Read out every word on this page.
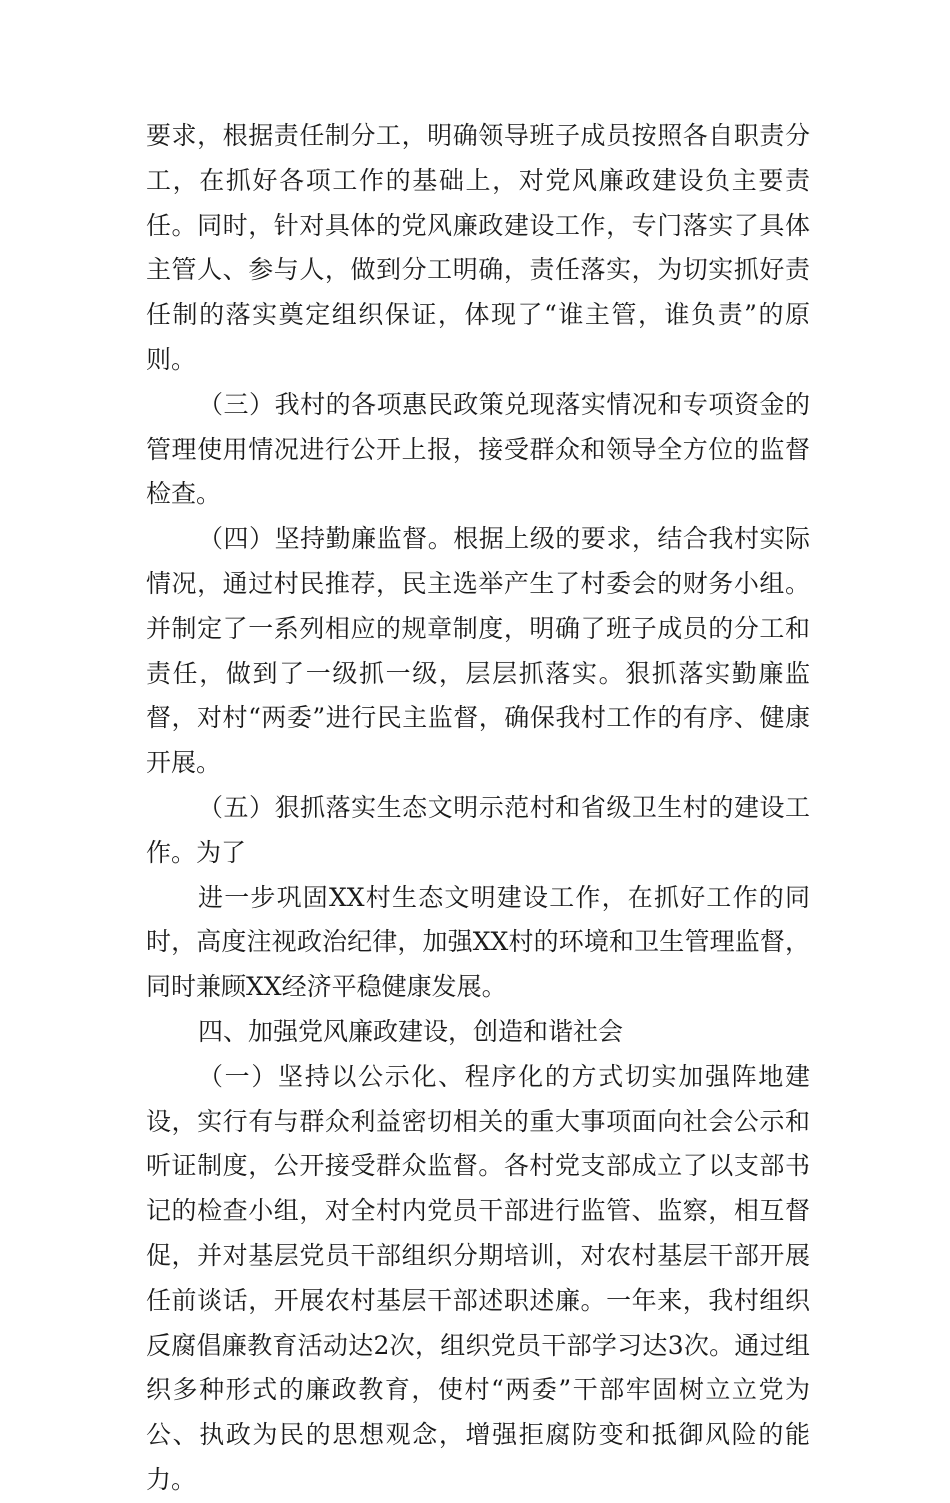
要求，根据责任制分工，明确领导班子成员按照各自职责分工，在抓好各项工作的基础上，对党风廉政建设负主要责任。同时，针对具体的党风廉政建设工作，专门落实了具体主管人、参与人，做到分工明确，责任落实，为切实抓好责任制的落实奠定组织保证，体现了“谁主管，谁负责”的原则。

（三）我村的各项惠民政策兑现落实情况和专项资金的管理使用情况进行公开上报，接受群众和领导全方位的监督检查。

（四）坚持勤廉监督。根据上级的要求，结合我村实际情况，通过村民推荐，民主选举产生了村委会的财务小组。并制定了一系列相应的规章制度，明确了班子成员的分工和责任，做到了一级抓一级，层层抓落实。狠抓落实勤廉监督，对村“两委”进行民主监督，确保我村工作的有序、健康开展。

（五）狠抓落实生态文明示范村和省级卫生村的建设工作。为了

进一步巩固XX村生态文明建设工作，在抓好工作的同时，高度注视政治纪律，加强XX村的环境和卫生管理监督，同时兼顾XX经济平稳健康发展。

四、加强党风廉政建设，创造和谐社会

（一）坚持以公示化、程序化的方式切实加强阵地建设，实行有与群众利益密切相关的重大事项面向社会公示和听证制度，公开接受群众监督。各村党支部成立了以支部书记的检查小组，对全村内党员干部进行监管、监察，相互督促，并对基层党员干部组织分期培训，对农村基层干部开展任前谈话，开展农村基层干部述职述廉。一年来，我村组织反腐倡廉教育活动达2次，组织党员干部学习达3次。通过组织多种形式的廉政教育，使村“两委”干部牢固树立立党为公、执政为民的思想观念，增强拒腐防变和抵御风险的能力。
